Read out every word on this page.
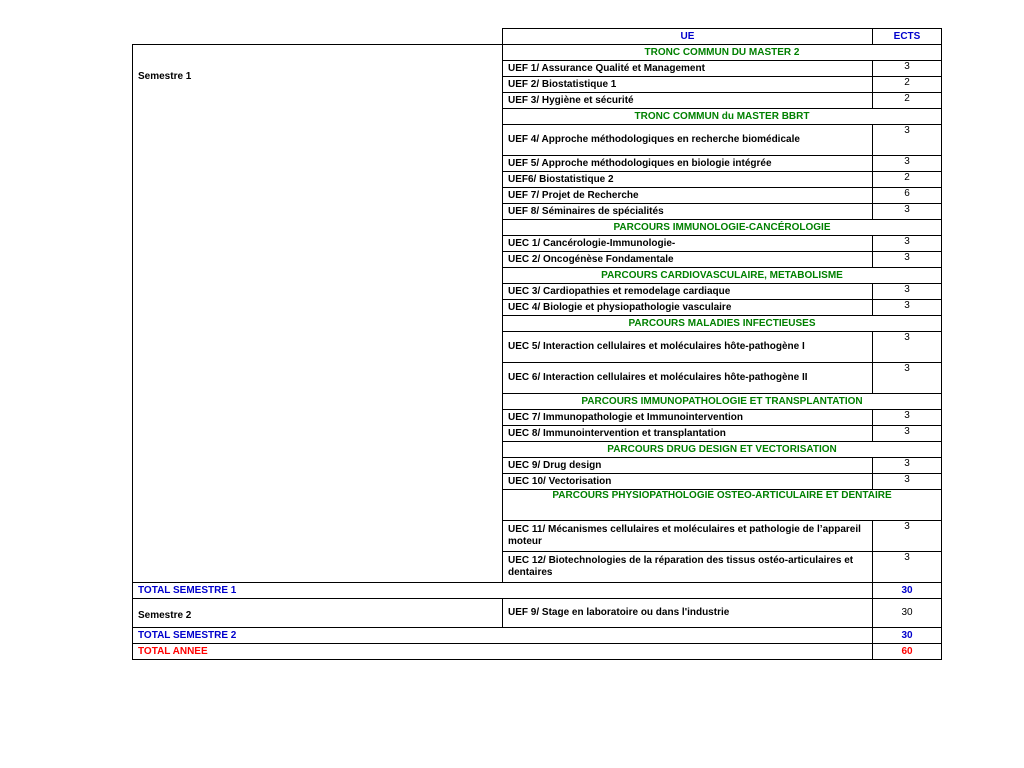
	UE	ECTS
Semestre 1	TRONC COMMUN DU MASTER 2	
	UEF 1/ Assurance Qualité et Management	3
	UEF 2/ Biostatistique 1	2
	UEF 3/ Hygiène et sécurité	2
	TRONC COMMUN du MASTER BBRT	
	UEF 4/ Approche méthodologiques en recherche biomédicale	3
	UEF 5/ Approche méthodologiques en biologie intégrée	3
	UEF6/ Biostatistique 2	2
	UEF 7/ Projet de Recherche	6
	UEF 8/ Séminaires de spécialités	3
	PARCOURS IMMUNOLOGIE-CANCÉROLOGIE	
	UEC 1/ Cancérologie-Immunologie-	3
	UEC 2/ Oncogénèse Fondamentale	3
	PARCOURS CARDIOVASCULAIRE, METABOLISME	
	UEC 3/ Cardiopathies et remodelage cardiaque	3
	UEC 4/ Biologie et physiopathologie vasculaire	3
	PARCOURS MALADIES INFECTIEUSES	
	UEC 5/ Interaction cellulaires et moléculaires hôte-pathogène I	3
	UEC 6/ Interaction cellulaires et moléculaires hôte-pathogène II	3
	PARCOURS IMMUNOPATHOLOGIE ET TRANSPLANTATION	
	UEC 7/ Immunopathologie et Immunointervention	3
	UEC 8/ Immunointervention et transplantation	3
	PARCOURS DRUG DESIGN ET VECTORISATION	
	UEC 9/ Drug design	3
	UEC 10/ Vectorisation	3
	PARCOURS PHYSIOPATHOLOGIE OSTEO-ARTICULAIRE ET DENTAIRE	
	UEC 11/ Mécanismes cellulaires et moléculaires et pathologie de l’appareil moteur	3
	UEC 12/ Biotechnologies de la réparation des tissus ostéo-articulaires et dentaires	3
TOTAL SEMESTRE 1		30
Semestre 2	UEF 9/ Stage en laboratoire ou dans l'industrie	30
TOTAL SEMESTRE 2		30
TOTAL ANNEE		60
